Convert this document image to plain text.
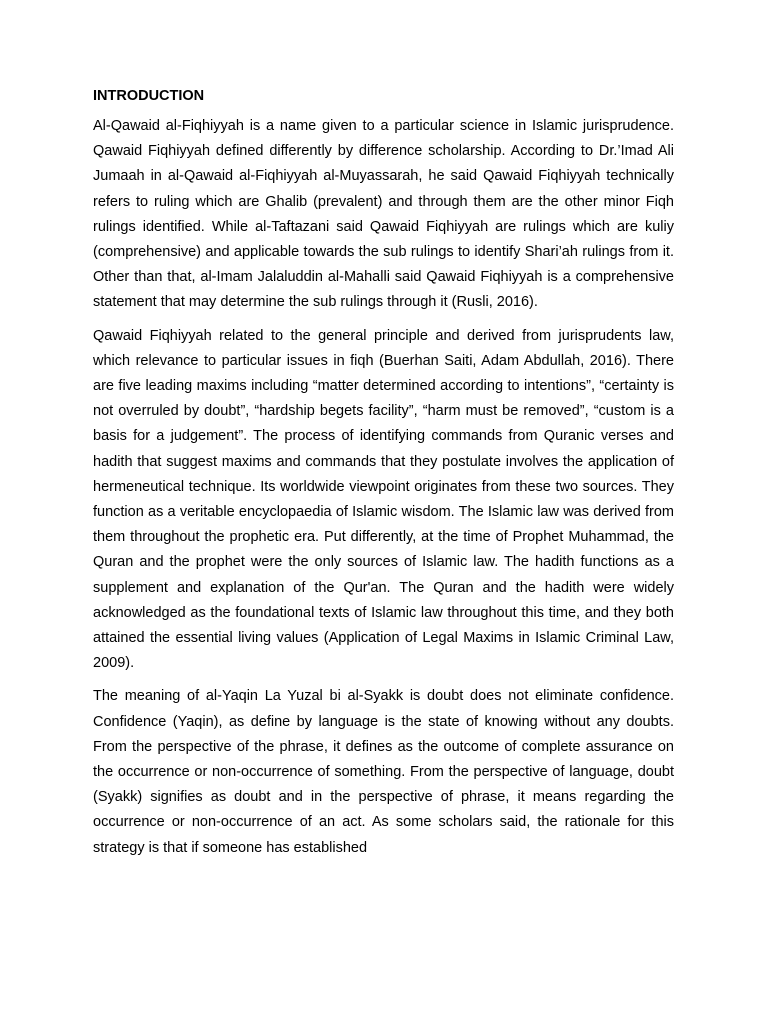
INTRODUCTION

Al-Qawaid al-Fiqhiyyah is a name given to a particular science in Islamic jurisprudence. Qawaid Fiqhiyyah defined differently by difference scholarship. According to Dr.’Imad Ali Jumaah in al-Qawaid al-Fiqhiyyah al-Muyassarah, he said Qawaid Fiqhiyyah technically refers to ruling which are Ghalib (prevalent) and through them are the other minor Fiqh rulings identified. While al-Taftazani said Qawaid Fiqhiyyah are rulings which are kuliy (comprehensive) and applicable towards the sub rulings to identify Shari’ah rulings from it. Other than that, al-Imam Jalaluddin al-Mahalli said Qawaid Fiqhiyyah is a comprehensive statement that may determine the sub rulings through it (Rusli, 2016).

Qawaid Fiqhiyyah related to the general principle and derived from jurisprudents law, which relevance to particular issues in fiqh (Buerhan Saiti, Adam Abdullah, 2016). There are five leading maxims including “matter determined according to intentions”, “certainty is not overruled by doubt”, “hardship begets facility”, “harm must be removed”, “custom is a basis for a judgement”. The process of identifying commands from Quranic verses and hadith that suggest maxims and commands that they postulate involves the application of hermeneutical technique. Its worldwide viewpoint originates from these two sources. They function as a veritable encyclopaedia of Islamic wisdom. The Islamic law was derived from them throughout the prophetic era. Put differently, at the time of Prophet Muhammad, the Quran and the prophet were the only sources of Islamic law. The hadith functions as a supplement and explanation of the Qur'an. The Quran and the hadith were widely acknowledged as the foundational texts of Islamic law throughout this time, and they both attained the essential living values (Application of Legal Maxims in Islamic Criminal Law, 2009).

The meaning of al-Yaqin La Yuzal bi al-Syakk is doubt does not eliminate confidence. Confidence (Yaqin), as define by language is the state of knowing without any doubts. From the perspective of the phrase, it defines as the outcome of complete assurance on the occurrence or non-occurrence of something. From the perspective of language, doubt (Syakk) signifies as doubt and in the perspective of phrase, it means regarding the occurrence or non-occurrence of an act. As some scholars said, the rationale for this strategy is that if someone has established
